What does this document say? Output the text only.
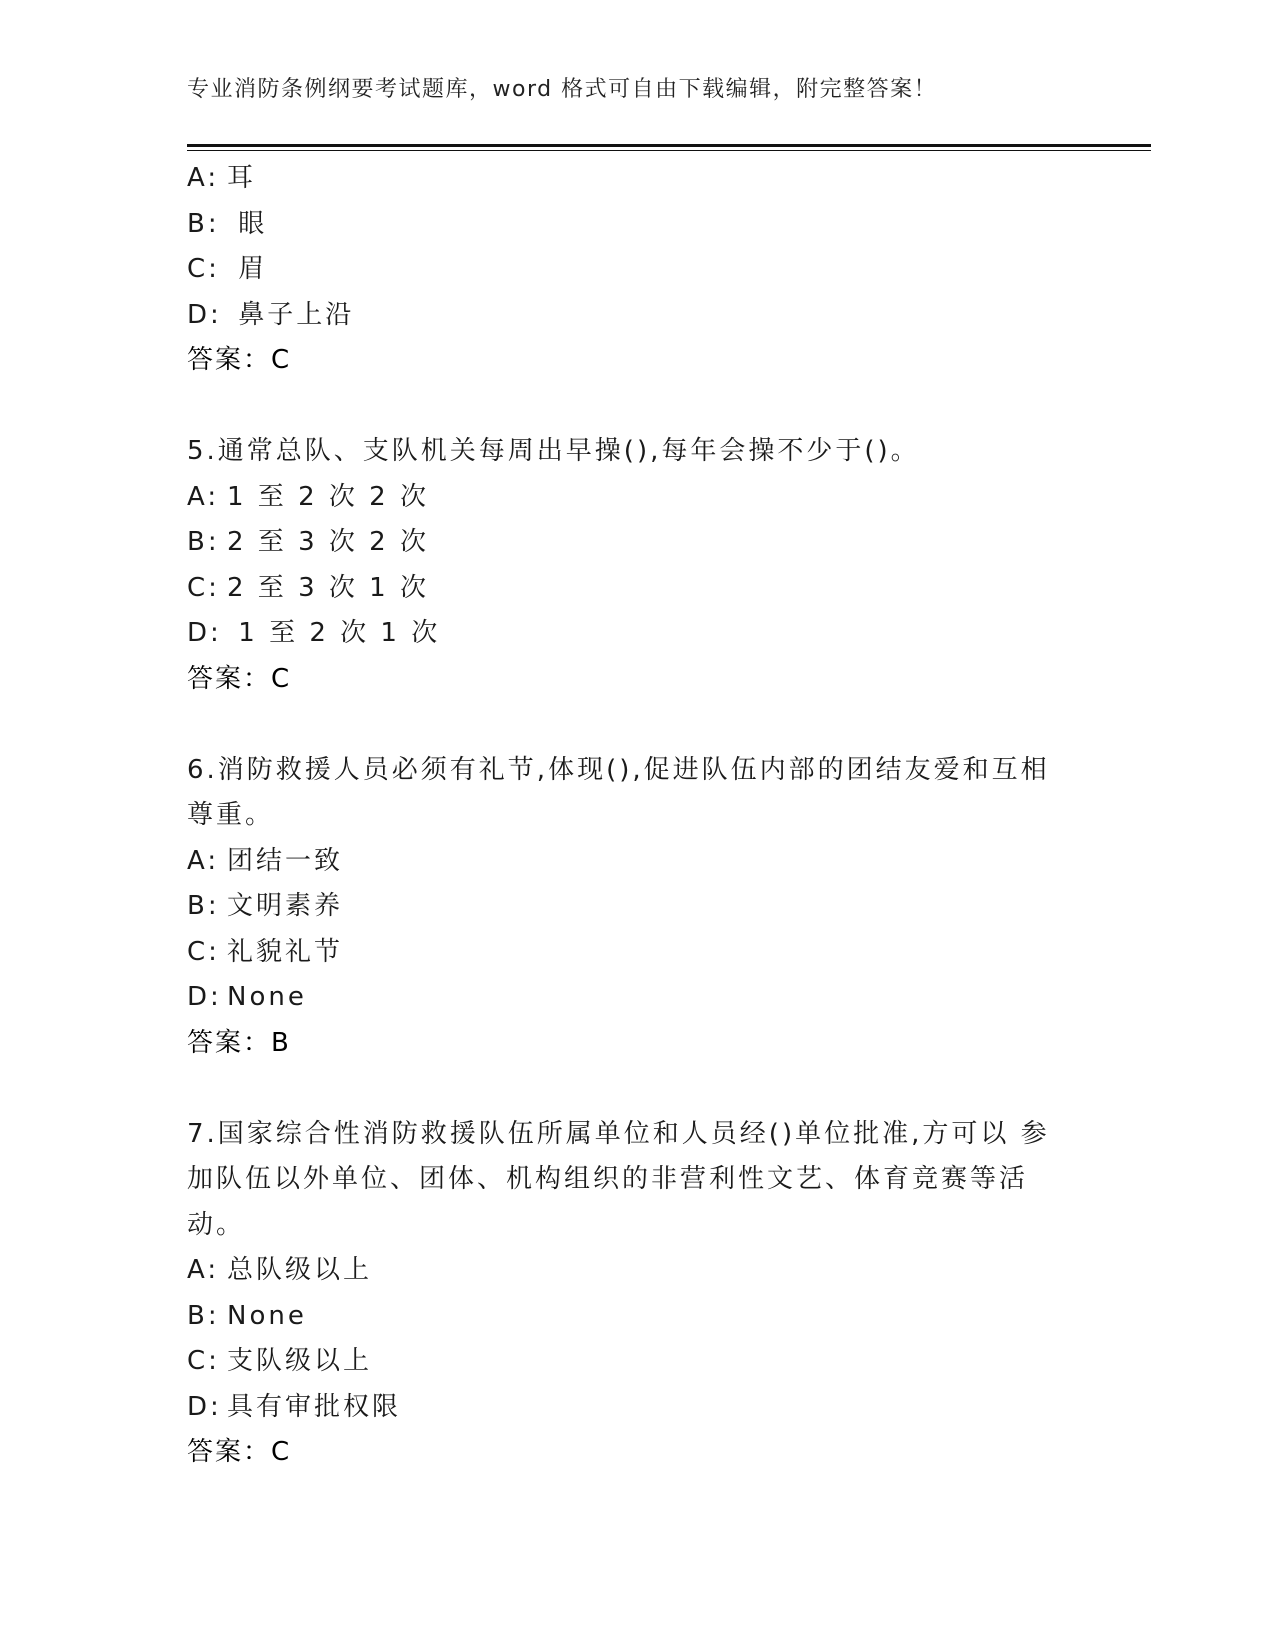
专业消防条例纲要考试题库，word 格式可自由下载编辑，附完整答案！
A: 耳
B: 眼
C: 眉
D: 鼻子上沿
答案：C
5.通常总队、支队机关每周出早操(),每年会操不少于()。
A: 1 至 2 次 2 次
B: 2 至 3 次 2 次
C: 2 至 3 次 1 次
D: 1 至 2 次 1 次
答案：C
6.消防救援人员必须有礼节,体现(),促进队伍内部的团结友爱和互相尊重。
A: 团结一致
B: 文明素养
C: 礼貌礼节
D: None
答案：B
7.国家综合性消防救援队伍所属单位和人员经()单位批准,方可以 参加队伍以外单位、团体、机构组织的非营利性文艺、体育竞赛等活动。
A: 总队级以上
B: None
C: 支队级以上
D: 具有审批权限
答案：C
